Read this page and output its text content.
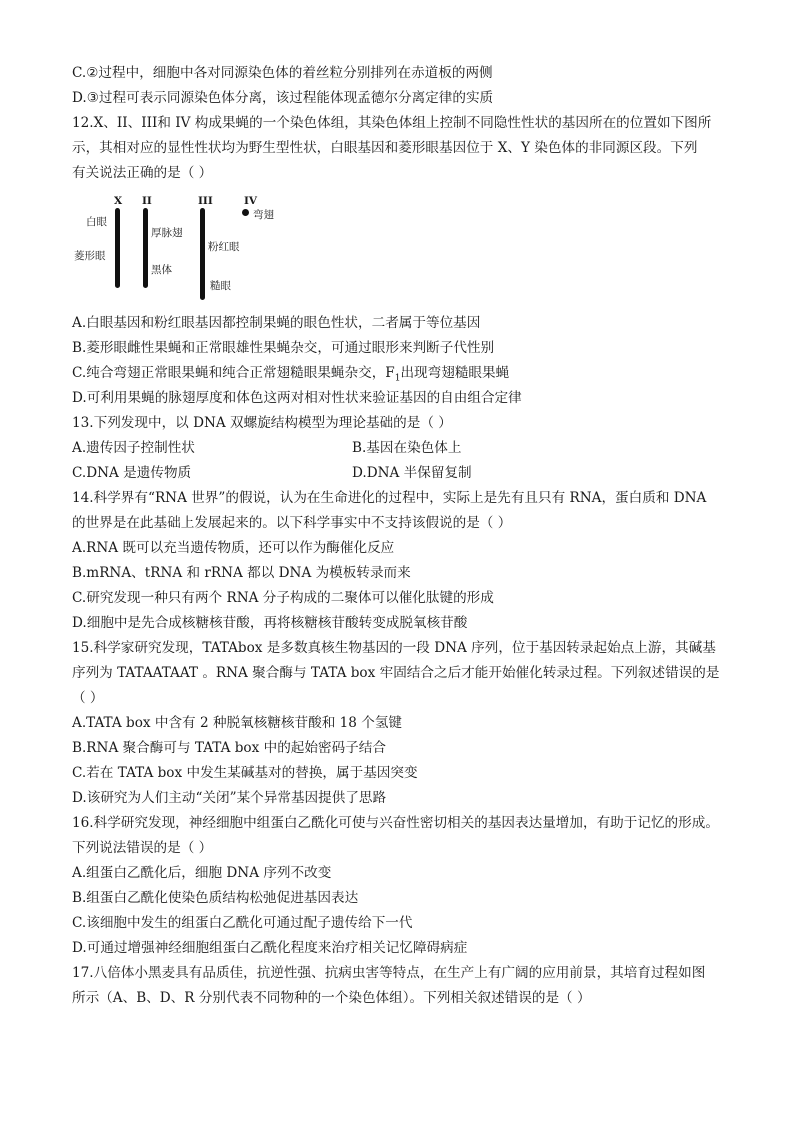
C.②过程中，细胞中各对同源染色体的着丝粒分别排列在赤道板的两侧
D.③过程可表示同源染色体分离，该过程能体现孟德尔分离定律的实质
12.X、II、III和 IV 构成果蝇的一个染色体组，其染色体组上控制不同隐性性状的基因所在的位置如下图所
示，其相对应的显性性状均为野生型性状，白眼基因和菱形眼基因位于 X、Y 染色体的非同源区段。下列
有关说法正确的是（ ）
X II	III	IV
白眼
菱形眼
厚脉翅
黑体
粉红眼
糙眼
弯翅
A.白眼基因和粉红眼基因都控制果蝇的眼色性状，二者属于等位基因
B.菱形眼雌性果蝇和正常眼雄性果蝇杂交，可通过眼形来判断子代性别
C.纯合弯翅正常眼果蝇和纯合正常翅糙眼果蝇杂交，$F_1$出现弯翅糙眼果蝇
D.可利用果蝇的脉翅厚度和体色这两对相对性状来验证基因的自由组合定律
13.下列发现中，以 DNA 双螺旋结构模型为理论基础的是（ ）
A.遗传因子控制性状	B.基因在染色体上
C.DNA 是遗传物质	D.DNA 半保留复制
14.科学界有“RNA 世界”的假说，认为在生命进化的过程中，实际上是先有且只有 RNA，蛋白质和 DNA
的世界是在此基础上发展起来的。以下科学事实中不支持该假说的是（ ）
A.RNA 既可以充当遗传物质，还可以作为酶催化反应
B.mRNA、tRNA 和 rRNA 都以 DNA 为模板转录而来
C.研究发现一种只有两个 RNA 分子构成的二聚体可以催化肽键的形成
D.细胞中是先合成核糖核苷酸，再将核糖核苷酸转变成脱氧核苷酸
15.科学家研究发现，TATAbox 是多数真核生物基因的一段 DNA 序列，位于基因转录起始点上游，其碱基
序列为 TATAATAAT 。RNA 聚合酶与 TATA box 牢固结合之后才能开始催化转录过程。下列叙述错误的是
（ ）
A.TATA box 中含有 2 种脱氧核糖核苷酸和 18 个氢键
B.RNA 聚合酶可与 TATA box 中的起始密码子结合
C.若在 TATA box 中发生某碱基对的替换，属于基因突变
D.该研究为人们主动“关闭”某个异常基因提供了思路
16.科学研究发现，神经细胞中组蛋白乙酰化可使与兴奋性密切相关的基因表达量增加，有助于记忆的形成。
下列说法错误的是（ ）
A.组蛋白乙酰化后，细胞 DNA 序列不改变
B.组蛋白乙酰化使染色质结构松弛促进基因表达
C.该细胞中发生的组蛋白乙酰化可通过配子遗传给下一代
D.可通过增强神经细胞组蛋白乙酰化程度来治疗相关记忆障碍病症
17.八倍体小黑麦具有品质佳，抗逆性强、抗病虫害等特点，在生产上有广阔的应用前景，其培育过程如图
所示（A、B、D、R 分别代表不同物种的一个染色体组）。下列相关叙述错误的是（ ）
